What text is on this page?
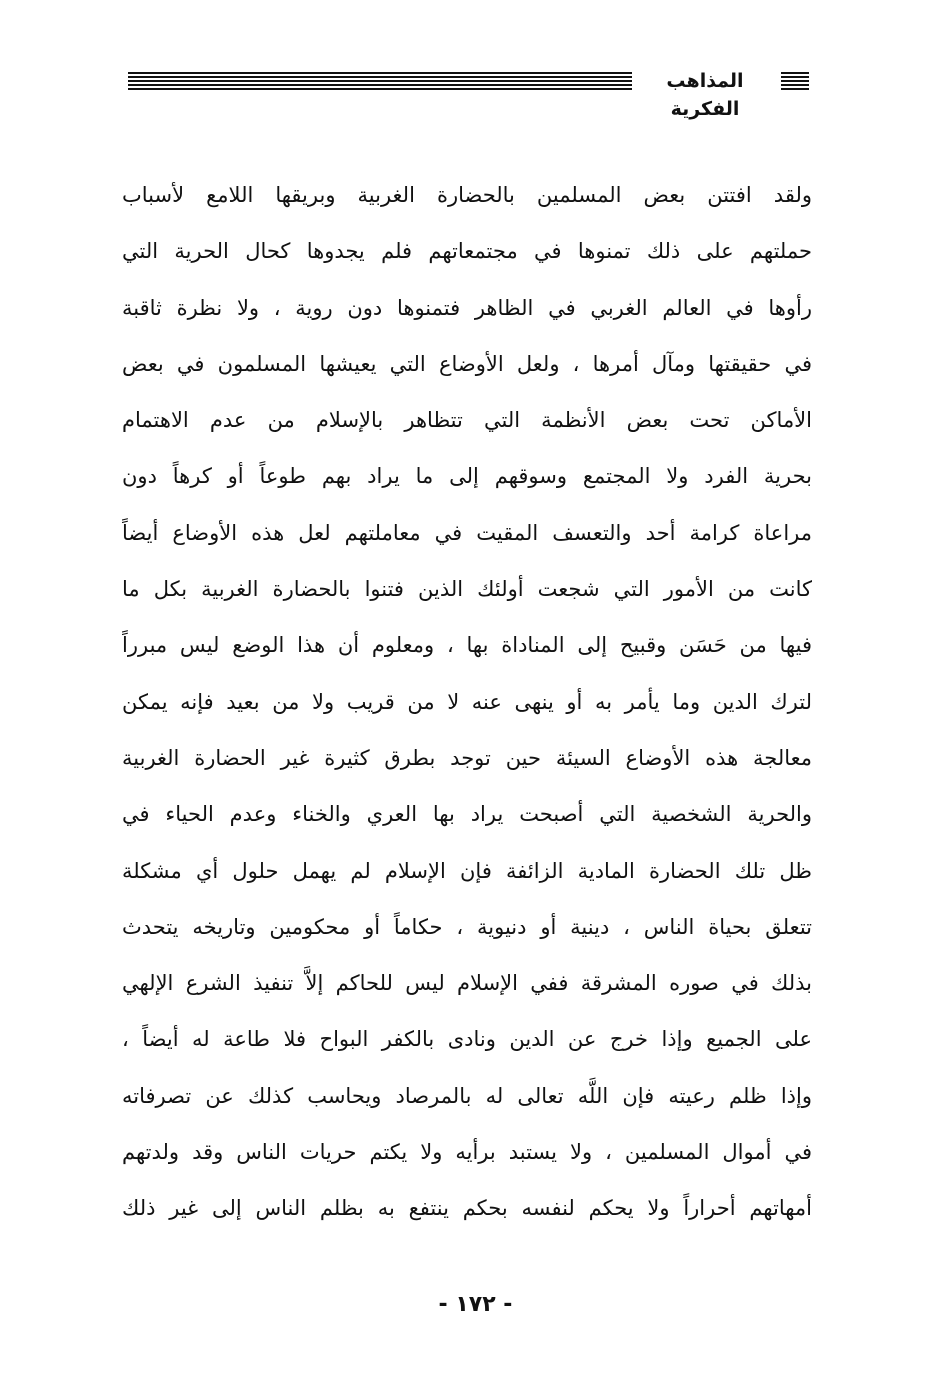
المذاهب الفكرية
ولقد افتتن بعض المسلمين بالحضارة الغربية وبريقها اللامع لأسباب
حملتهم على ذلك تمنوها في مجتمعاتهم فلم يجدوها كحال الحرية التي
رأوها في العالم الغربي في الظاهر فتمنوها دون روية ، ولا نظرة ثاقبة
في حقيقتها ومآل أمرها ، ولعل الأوضاع التي يعيشها المسلمون في بعض
الأماكن تحت بعض الأنظمة التي تتظاهر بالإسلام من عدم الاهتمام
بحرية الفرد ولا المجتمع وسوقهم إلى ما يراد بهم طوعاً أو كرهاً دون
مراعاة كرامة أحد والتعسف المقيت في معاملتهم لعل هذه الأوضاع أيضاً
كانت من الأمور التي شجعت أولئك الذين فتنوا بالحضارة الغربية بكل ما
فيها من حَسَن وقبيح إلى المناداة بها ، ومعلوم أن هذا الوضع ليس مبرراً
لترك الدين وما يأمر به أو ينهى عنه لا من قريب ولا من بعيد فإنه يمكن
معالجة هذه الأوضاع السيئة حين توجد بطرق كثيرة غير الحضارة الغربية
والحرية الشخصية التي أصبحت يراد بها العري والخناء وعدم الحياء في
ظل تلك الحضارة المادية الزائفة فإن الإسلام لم يهمل حلول أي مشكلة
تتعلق بحياة الناس ، دينية أو دنيوية ، حكاماً أو محكومين وتاريخه يتحدث
بذلك في صوره المشرقة ففي الإسلام ليس للحاكم إلاَّ تنفيذ الشرع الإلهي
على الجميع وإذا خرج عن الدين ونادى بالكفر البواح فلا طاعة له أيضاً ،
وإذا ظلم رعيته فإن اللَّه تعالى له بالمرصاد ويحاسب كذلك عن تصرفاته
في أموال المسلمين ، ولا يستبد برأيه ولا يكتم حريات الناس وقد ولدتهم
أمهاتهم أحراراً ولا يحكم لنفسه بحكم ينتفع به بظلم الناس إلى غير ذلك
- ١٧٢ -
